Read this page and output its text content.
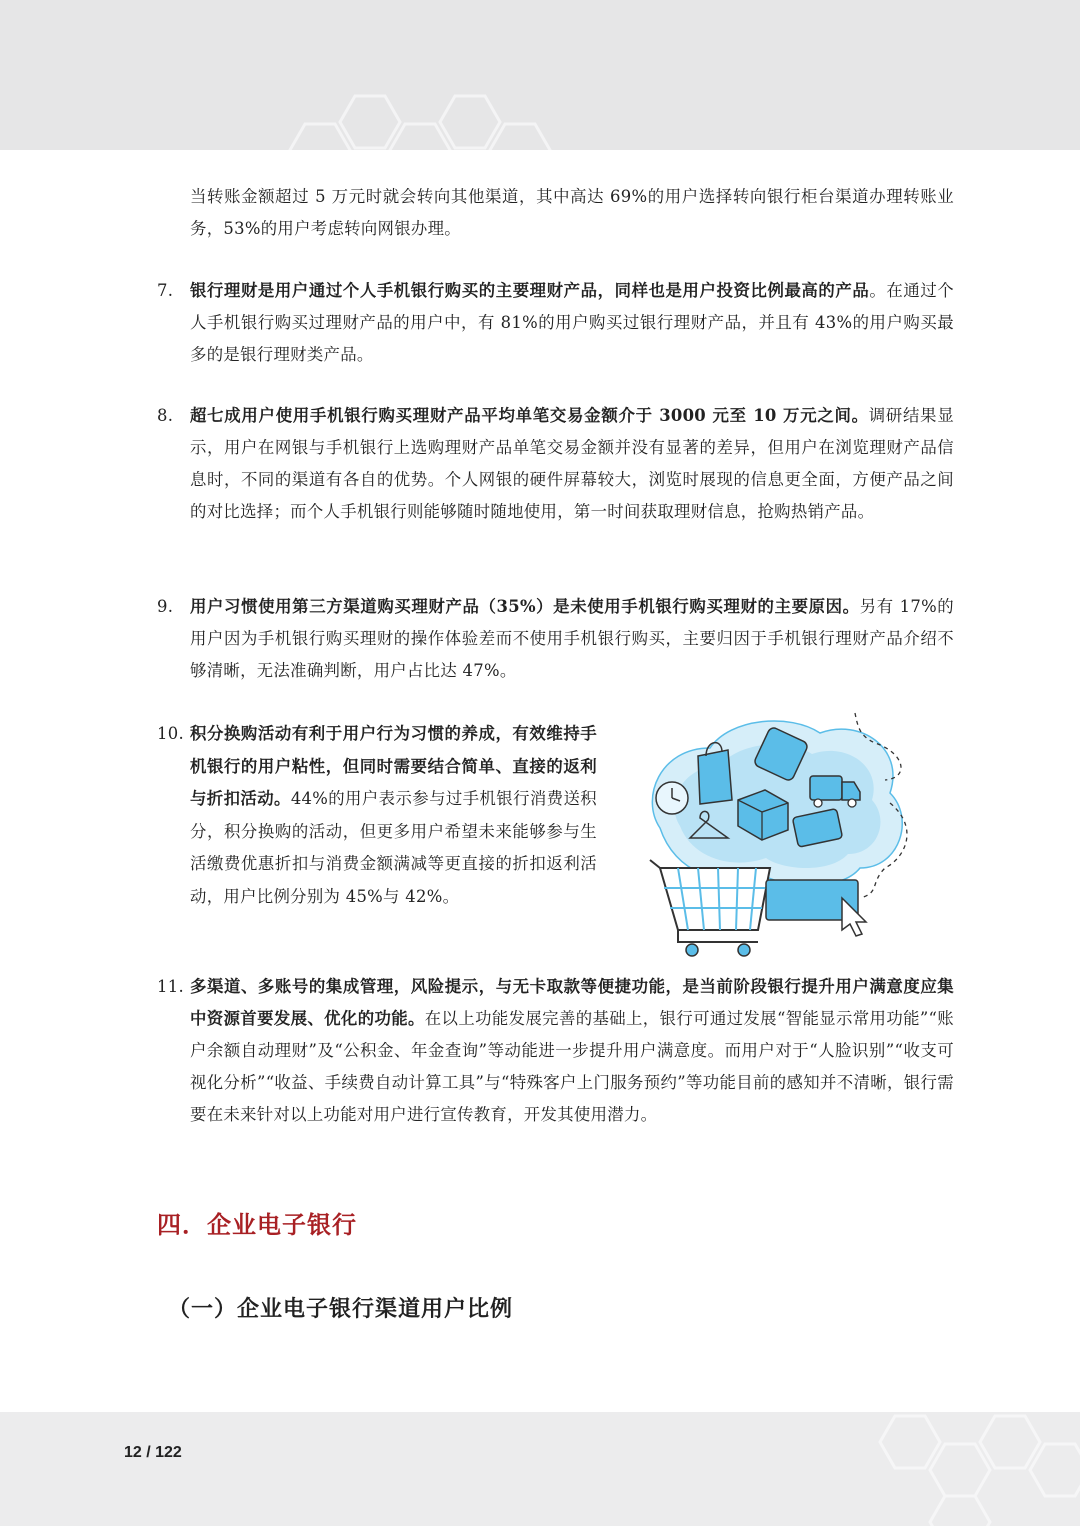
当转账金额超过 5 万元时就会转向其他渠道，其中高达 69%的用户选择转向银行柜台渠道办理转账业务，53%的用户考虑转向网银办理。
7.	银行理财是用户通过个人手机银行购买的主要理财产品，同样也是用户投资比例最高的产品。在通过个人手机银行购买过理财产品的用户中，有 81%的用户购买过银行理财产品，并且有 43%的用户购买最多的是银行理财类产品。
8.	超七成用户使用手机银行购买理财产品平均单笔交易金额介于 3000 元至 10 万元之间。调研结果显示，用户在网银与手机银行上选购理财产品单笔交易金额并没有显著的差异，但用户在浏览理财产品信息时，不同的渠道有各自的优势。个人网银的硬件屏幕较大，浏览时展现的信息更全面，方便产品之间的对比选择；而个人手机银行则能够随时随地使用，第一时间获取理财信息，抢购热销产品。
9.	用户习惯使用第三方渠道购买理财产品（35%）是未使用手机银行购买理财的主要原因。另有 17%的用户因为手机银行购买理财的操作体验差而不使用手机银行购买，主要归因于手机银行理财产品介绍不够清晰，无法准确判断，用户占比达 47%。
10. 积分换购活动有利于用户行为习惯的养成，有效维持手机银行的用户粘性，但同时需要结合简单、直接的返利与折扣活动。44%的用户表示参与过手机银行消费送积分，积分换购的活动，但更多用户希望未来能够参与生活缴费优惠折扣与消费金额满减等更直接的折扣返利活动，用户比例分别为 45%与 42%。
11. 多渠道、多账号的集成管理，风险提示，与无卡取款等便捷功能，是当前阶段银行提升用户满意度应集中资源首要发展、优化的功能。在以上功能发展完善的基础上，银行可通过发展“智能显示常用功能”“账户余额自动理财”及“公积金、年金查询”等动能进一步提升用户满意度。而用户对于“人脸识别”“收支可视化分析”“收益、手续费自动计算工具”与“特殊客户上门服务预约”等功能目前的感知并不清晰，银行需要在未来针对以上功能对用户进行宣传教育，开发其使用潜力。
四．企业电子银行
（一）企业电子银行渠道用户比例
12 / 122
